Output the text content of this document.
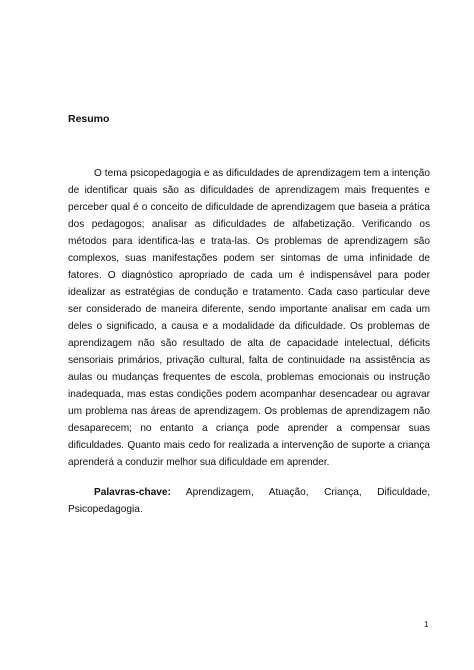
Resumo

O tema psicopedagogia e as dificuldades de aprendizagem tem a intenção de identificar quais são as dificuldades de aprendizagem mais frequentes e perceber qual é o conceito de dificuldade de aprendizagem que baseia a prática dos pedagogos; analisar as dificuldades de alfabetização. Verificando os métodos para identifica-las e trata-las. Os problemas de aprendizagem são complexos, suas manifestações podem ser sintomas de uma infinidade de fatores. O diagnóstico apropriado de cada um é indispensável para poder idealizar as estratégias de condução e tratamento. Cada caso particular deve ser considerado de maneira diferente, sendo importante analisar em cada um deles o significado, a causa e a modalidade da dificuldade. Os problemas de aprendizagem não são resultado de alta de capacidade intelectual, déficits sensoriais primários, privação cultural, falta de continuidade na assistência as aulas ou mudanças frequentes de escola, problemas emocionais ou instrução inadequada, mas estas condições podem acompanhar desencadear ou agravar um problema nas áreas de aprendizagem. Os problemas de aprendizagem não desaparecem; no entanto a criança pode aprender a compensar suas dificuldades. Quanto mais cedo for realizada a intervenção de suporte a criança aprenderá a conduzir melhor sua dificuldade em aprender.

Palavras-chave: Aprendizagem, Atuação, Criança, Dificuldade, Psicopedagogia.

1
